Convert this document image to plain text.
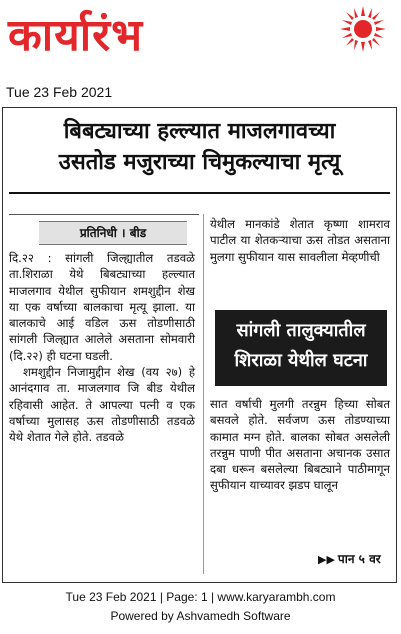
कार्यारंभ
Tue 23 Feb 2021
बिबट्याच्या हल्ल्यात माजलगावच्या
उसतोड मजुराच्या चिमुकल्याचा मृत्यू
प्रतिनिधी । बीड

दि.२२ : सांगली जिल्ह्यातील तडवळे ता.शिराळा येथे बिबट्याच्या हल्ल्यात माजलगाव येथील सुफीयान शमशुद्दीन शेख या एक वर्षाच्या बालकाचा मृत्यू झाला. या बालकाचे आई वडिल ऊस तोडणीसाठी सांगली जिल्ह्यात आलेले असताना सोमवारी (दि.२२) ही घटना घडली.

शमशुद्दीन निजामुद्दीन शेख (वय २७) हे आनंदगाव ता. माजलगाव जि बीड येथील रहिवासी आहेत. ते आपल्या पत्नी व एक वर्षाच्या मुलासह ऊस तोडणीसाठी तडवळे येथे शेतात गेले होते. तडवळे

येथील मानकांडे शेतात कृष्णा शामराव पाटील या शेतकऱ्याचा ऊस तोडत असताना मुलगा सुफीयान यास सावलीला मेव्हणीची

सांगली तालुक्यातील
शिराळा येथील घटना

सात वर्षाची मुलगी तरन्नुम हिच्या सोबत बसवले होते. सर्वजण ऊस तोडण्याच्या कामात मग्न होते. बालका सोबत असलेली तरन्नुम पाणी पीत असताना अचानक उसात दबा धरून बसलेल्या बिबट्याने पाठीमागून सुफीयान याच्यावर झडप घालून

▶▶ पान ५ वर
Tue 23 Feb 2021 | Page: 1 | www.karyarambh.com
Powered by Ashvamedh Software
